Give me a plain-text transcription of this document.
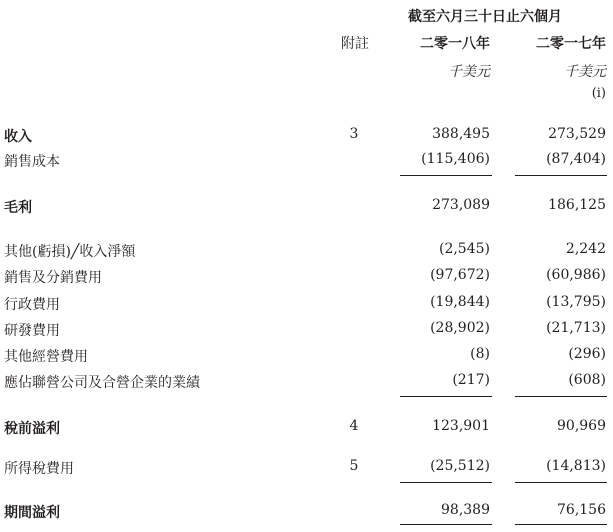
截至六月三十日止六個月
附註	二零一八年	二零一七年
千美元	千美元
(i)
收入	3	388,495	273,529
銷售成本	(115,406)	(87,404)
毛利	273,089	186,125
其他(虧損)╱收入淨額	(2,545)	2,242
銷售及分銷費用	(97,672)	(60,986)
行政費用	(19,844)	(13,795)
研發費用	(28,902)	(21,713)
其他經營費用	(8)	(296)
應佔聯營公司及合營企業的業績	(217)	(608)
稅前溢利	4	123,901	90,969
所得稅費用	5	(25,512)	(14,813)
期間溢利	98,389	76,156
